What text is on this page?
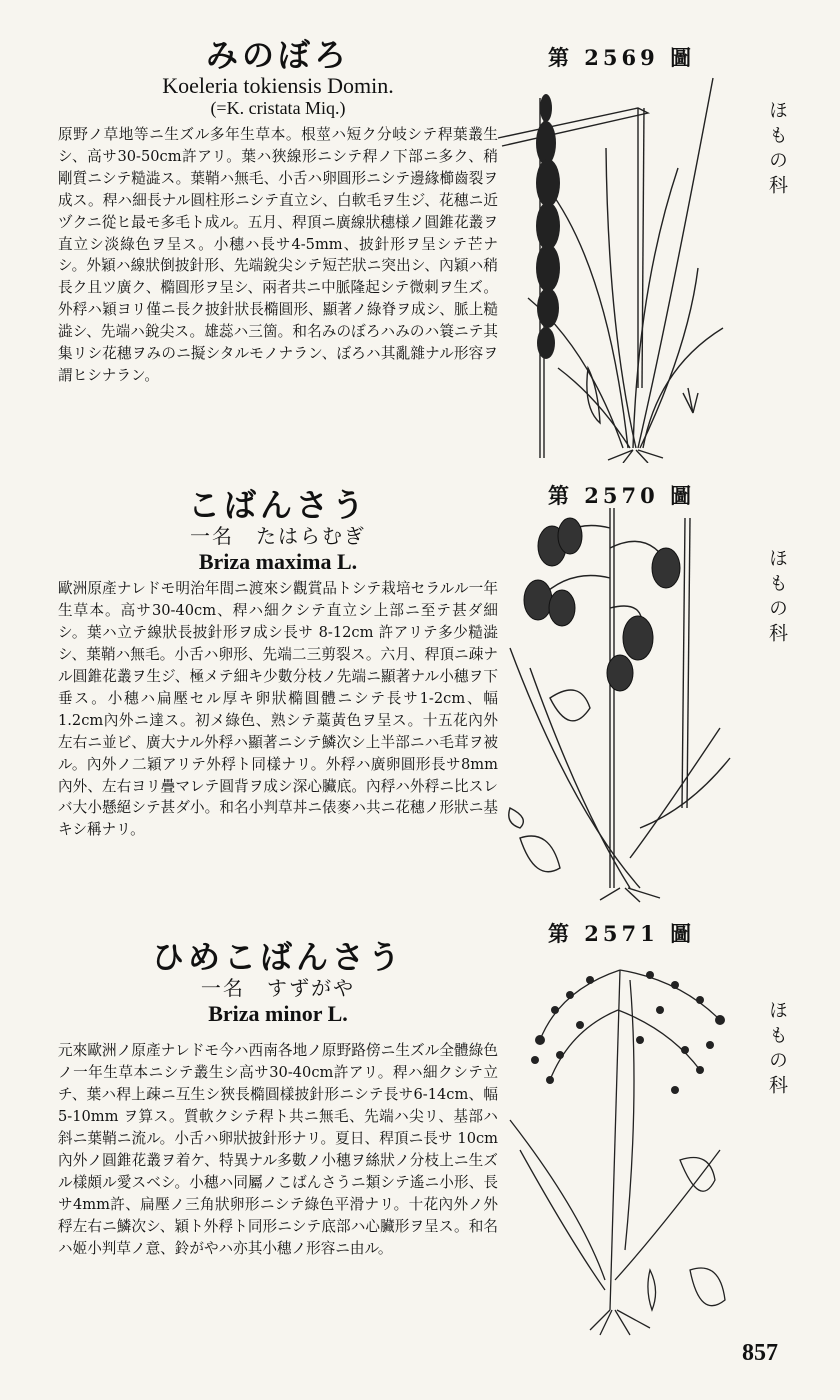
みのぼろ
Koeleria tokiensis Domin.
(=K. cristata Miq.)
原野ノ草地等ニ生ズル多年生草本。根莖ハ短ク分岐シテ稈葉叢生シ、高サ30-50cm許アリ。葉ハ狹線形ニシテ稈ノ下部ニ多ク、稍剛質ニシテ糙澁ス。葉鞘ハ無毛、小舌ハ卵圓形ニシテ邊緣櫛齒裂ヲ成ス。稈ハ細長ナル圓柱形ニシテ直立シ、白軟毛ヲ生ジ、花穗ニ近ヅクニ從ヒ最モ多毛ト成ル。五月、稈頂ニ廣線狀穗様ノ圓錐花叢ヲ直立シ淡綠色ヲ呈ス。小穗ハ長サ4-5mm、披針形ヲ呈シテ芒ナシ。外穎ハ線狀倒披針形、先端銳尖シテ短芒狀ニ突出シ、內穎ハ稍長ク且ツ廣ク、橢圓形ヲ呈シ、兩者共ニ中脈隆起シテ微刺ヲ生ズ。外稃ハ穎ヨリ僅ニ長ク披針狀長橢圓形、顯著ノ綠脊ヲ成シ、脈上糙澁シ、先端ハ銳尖ス。雄蕊ハ三箇。和名みのぼろハみのハ簑ニテ其集リシ花穗ヲみのニ擬シタルモノナラン、ぼろハ其亂雜ナル形容ヲ謂ヒシナラン。
こばんさう
一名　たはらむぎ
Briza maxima L.
歐洲原產ナレドモ明治年間ニ渡來シ觀賞品トシテ栽培セラルル一年生草本。高サ30-40cm、稈ハ細クシテ直立シ上部ニ至テ甚ダ細シ。葉ハ立テ線狀長披針形ヲ成シ長サ 8-12cm 許アリテ多少糙澁シ、葉鞘ハ無毛。小舌ハ卵形、先端二三剪裂ス。六月、稈頂ニ疎ナル圓錐花叢ヲ生ジ、極メテ細キ少數分枝ノ先端ニ顯著ナル小穗ヲ下垂ス。小穗ハ扁壓セル厚キ卵狀橢圓體ニシテ長サ1-2cm、幅1.2cm內外ニ達ス。初メ綠色、熟シテ藁黃色ヲ呈ス。十五花內外左右ニ並ビ、廣大ナル外稃ハ顯著ニシテ鱗次シ上半部ニハ毛茸ヲ被ル。內外ノ二穎アリテ外稃ト同樣ナリ。外稃ハ廣卵圓形長サ8mm內外、左右ヨリ疊マレテ圓背ヲ成シ深心臟底。內稃ハ外稃ニ比スレバ大小懸絕シテ甚ダ小。和名小判草丼ニ俵麥ハ共ニ花穗ノ形狀ニ基キシ稱ナリ。
ひめこばんさう
一名　すずがや
Briza minor L.
元來歐洲ノ原產ナレドモ今ハ西南各地ノ原野路傍ニ生ズル全體綠色ノ一年生草本ニシテ叢生シ高サ30-40cm許アリ。稈ハ細クシテ立チ、葉ハ稈上疎ニ互生シ狹長橢圓樣披針形ニシテ長サ6-14cm、幅5-10mm ヲ算ス。質軟クシテ稈ト共ニ無毛、先端ハ尖リ、基部ハ斜ニ葉鞘ニ流ル。小舌ハ卵狀披針形ナリ。夏日、稈頂ニ長サ 10cm 內外ノ圓錐花叢ヲ着ケ、特異ナル多數ノ小穗ヲ絲狀ノ分枝上ニ生ズル樣頗ル愛スベシ。小穗ハ同屬ノこばんさうニ類シテ遙ニ小形、長サ4mm許、扁壓ノ三角狀卵形ニシテ綠色平滑ナリ。十花內外ノ外稃左右ニ鱗次シ、穎ト外稃ト同形ニシテ底部ハ心臟形ヲ呈ス。和名ハ姬小判草ノ意、鈴がやハ亦其小穗ノ形容ニ由ル。
第 2569 圖
第 2570 圖
第 2571 圖
ほもの科
ほもの科
ほもの科
857
